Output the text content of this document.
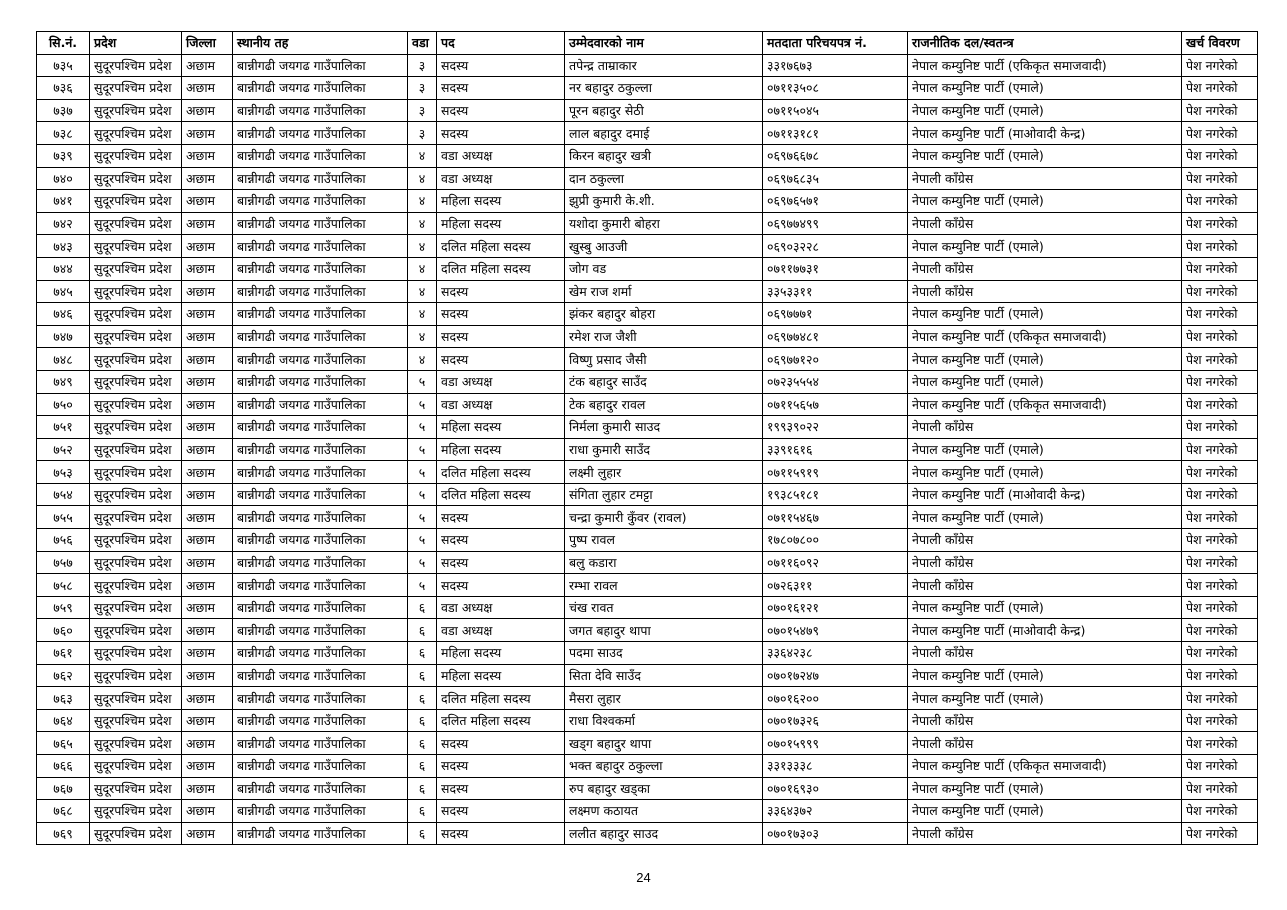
सि.नं.	प्रदेश	जिल्ला	स्थानीय तह	वडा	पद	उम्मेदवारको नाम	मतदाता परिचयपत्र नं.	राजनीतिक दल/स्वतन्त्र	खर्च विवरण
७३५	सुदूरपश्चिम प्रदेश	अछाम	बान्नीगढी जयगढ गाउँपालिका	३	सदस्य	तपेन्द्र ताम्राकार	३३१७६७३	नेपाल कम्युनिष्ट पार्टी (एकिकृत समाजवादी)	पेश नगरेको
७३६	सुदूरपश्चिम प्रदेश	अछाम	बान्नीगढी जयगढ गाउँपालिका	३	सदस्य	नर बहादुर ठकुल्ला	०७११३५०८	नेपाल कम्युनिष्ट पार्टी (एमाले)	पेश नगरेको
७३७	सुदूरपश्चिम प्रदेश	अछाम	बान्नीगढी जयगढ गाउँपालिका	३	सदस्य	पूरन बहादुर सेठी	०७११५०४५	नेपाल कम्युनिष्ट पार्टी (एमाले)	पेश नगरेको
७३८	सुदूरपश्चिम प्रदेश	अछाम	बान्नीगढी जयगढ गाउँपालिका	३	सदस्य	लाल बहादुर दमाई	०७११३१८१	नेपाल कम्युनिष्ट पार्टी (माओवादी केन्द्र)	पेश नगरेको
७३९	सुदूरपश्चिम प्रदेश	अछाम	बान्नीगढी जयगढ गाउँपालिका	४	वडा अध्यक्ष	किरन बहादुर खत्री	०६९७६६७८	नेपाल कम्युनिष्ट पार्टी (एमाले)	पेश नगरेको
७४०	सुदूरपश्चिम प्रदेश	अछाम	बान्नीगढी जयगढ गाउँपालिका	४	वडा अध्यक्ष	दान ठकुल्ला	०६९७६८३५	नेपाली काँग्रेस	पेश नगरेको
७४१	सुदूरपश्चिम प्रदेश	अछाम	बान्नीगढी जयगढ गाउँपालिका	४	महिला सदस्य	झुप्री कुमारी के.शी.	०६९७६५७१	नेपाल कम्युनिष्ट पार्टी (एमाले)	पेश नगरेको
७४२	सुदूरपश्चिम प्रदेश	अछाम	बान्नीगढी जयगढ गाउँपालिका	४	महिला सदस्य	यशोदा कुमारी बोहरा	०६९७७४९९	नेपाली काँग्रेस	पेश नगरेको
७४३	सुदूरपश्चिम प्रदेश	अछाम	बान्नीगढी जयगढ गाउँपालिका	४	दलित महिला सदस्य	खुस्बु आउजी	०६९०३२२८	नेपाल कम्युनिष्ट पार्टी (एमाले)	पेश नगरेको
७४४	सुदूरपश्चिम प्रदेश	अछाम	बान्नीगढी जयगढ गाउँपालिका	४	दलित महिला सदस्य	जोग वड	०७११७७३१	नेपाली काँग्रेस	पेश नगरेको
७४५	सुदूरपश्चिम प्रदेश	अछाम	बान्नीगढी जयगढ गाउँपालिका	४	सदस्य	खेम राज शर्मा	३३५३३११	नेपाली काँग्रेस	पेश नगरेको
७४६	सुदूरपश्चिम प्रदेश	अछाम	बान्नीगढी जयगढ गाउँपालिका	४	सदस्य	झंकर बहादुर बोहरा	०६९७७७१	नेपाल कम्युनिष्ट पार्टी (एमाले)	पेश नगरेको
७४७	सुदूरपश्चिम प्रदेश	अछाम	बान्नीगढी जयगढ गाउँपालिका	४	सदस्य	रमेश राज जैशी	०६९७७४८१	नेपाल कम्युनिष्ट पार्टी (एकिकृत समाजवादी)	पेश नगरेको
७४८	सुदूरपश्चिम प्रदेश	अछाम	बान्नीगढी जयगढ गाउँपालिका	४	सदस्य	विष्णु प्रसाद जैसी	०६९७७१२०	नेपाल कम्युनिष्ट पार्टी (एमाले)	पेश नगरेको
७४९	सुदूरपश्चिम प्रदेश	अछाम	बान्नीगढी जयगढ गाउँपालिका	५	वडा अध्यक्ष	टंक बहादुर साउँद	०७२३५५५४	नेपाल कम्युनिष्ट पार्टी (एमाले)	पेश नगरेको
७५०	सुदूरपश्चिम प्रदेश	अछाम	बान्नीगढी जयगढ गाउँपालिका	५	वडा अध्यक्ष	टेक बहादुर रावल	०७११५६५७	नेपाल कम्युनिष्ट पार्टी (एकिकृत समाजवादी)	पेश नगरेको
७५१	सुदूरपश्चिम प्रदेश	अछाम	बान्नीगढी जयगढ गाउँपालिका	५	महिला सदस्य	निर्मला कुमारी साउद	१९९३९०२२	नेपाली काँग्रेस	पेश नगरेको
७५२	सुदूरपश्चिम प्रदेश	अछाम	बान्नीगढी जयगढ गाउँपालिका	५	महिला सदस्य	राधा कुमारी साउँद	३३९१६१६	नेपाल कम्युनिष्ट पार्टी (एमाले)	पेश नगरेको
७५३	सुदूरपश्चिम प्रदेश	अछाम	बान्नीगढी जयगढ गाउँपालिका	५	दलित महिला सदस्य	लक्ष्मी लुहार	०७११५९१९	नेपाल कम्युनिष्ट पार्टी (एमाले)	पेश नगरेको
७५४	सुदूरपश्चिम प्रदेश	अछाम	बान्नीगढी जयगढ गाउँपालिका	५	दलित महिला सदस्य	संगिता लुहार टमट्टा	१९३८५१८१	नेपाल कम्युनिष्ट पार्टी (माओवादी केन्द्र)	पेश नगरेको
७५५	सुदूरपश्चिम प्रदेश	अछाम	बान्नीगढी जयगढ गाउँपालिका	५	सदस्य	चन्द्रा कुमारी कुँवर (रावल)	०७११५४६७	नेपाल कम्युनिष्ट पार्टी (एमाले)	पेश नगरेको
७५६	सुदूरपश्चिम प्रदेश	अछाम	बान्नीगढी जयगढ गाउँपालिका	५	सदस्य	पुष्प रावल	१७८०७८००	नेपाली काँग्रेस	पेश नगरेको
७५७	सुदूरपश्चिम प्रदेश	अछाम	बान्नीगढी जयगढ गाउँपालिका	५	सदस्य	बलु कडारा	०७११६०९२	नेपाली काँग्रेस	पेश नगरेको
७५८	सुदूरपश्चिम प्रदेश	अछाम	बान्नीगढी जयगढ गाउँपालिका	५	सदस्य	रम्भा रावल	०७२६३११	नेपाली काँग्रेस	पेश नगरेको
७५९	सुदूरपश्चिम प्रदेश	अछाम	बान्नीगढी जयगढ गाउँपालिका	६	वडा अध्यक्ष	चंख रावत	०७०१६१२१	नेपाल कम्युनिष्ट पार्टी (एमाले)	पेश नगरेको
७६०	सुदूरपश्चिम प्रदेश	अछाम	बान्नीगढी जयगढ गाउँपालिका	६	वडा अध्यक्ष	जगत बहादुर थापा	०७०१५४७९	नेपाल कम्युनिष्ट पार्टी (माओवादी केन्द्र)	पेश नगरेको
७६१	सुदूरपश्चिम प्रदेश	अछाम	बान्नीगढी जयगढ गाउँपालिका	६	महिला सदस्य	पदमा साउद	३३६४२३८	नेपाली काँग्रेस	पेश नगरेको
७६२	सुदूरपश्चिम प्रदेश	अछाम	बान्नीगढी जयगढ गाउँपालिका	६	महिला सदस्य	सिता देवि साउँद	०७०१७२४७	नेपाल कम्युनिष्ट पार्टी (एमाले)	पेश नगरेको
७६३	सुदूरपश्चिम प्रदेश	अछाम	बान्नीगढी जयगढ गाउँपालिका	६	दलित महिला सदस्य	मैसरा लुहार	०७०१६२००	नेपाल कम्युनिष्ट पार्टी (एमाले)	पेश नगरेको
७६४	सुदूरपश्चिम प्रदेश	अछाम	बान्नीगढी जयगढ गाउँपालिका	६	दलित महिला सदस्य	राधा विश्वकर्मा	०७०१७३२६	नेपाली काँग्रेस	पेश नगरेको
७६५	सुदूरपश्चिम प्रदेश	अछाम	बान्नीगढी जयगढ गाउँपालिका	६	सदस्य	खड्ग बहादुर थापा	०७०१५९९९	नेपाली काँग्रेस	पेश नगरेको
७६६	सुदूरपश्चिम प्रदेश	अछाम	बान्नीगढी जयगढ गाउँपालिका	६	सदस्य	भक्त बहादुर ठकुल्ला	३३१३३३८	नेपाल कम्युनिष्ट पार्टी (एकिकृत समाजवादी)	पेश नगरेको
७६७	सुदूरपश्चिम प्रदेश	अछाम	बान्नीगढी जयगढ गाउँपालिका	६	सदस्य	रुप बहादुर खड्का	०७०१६९३०	नेपाल कम्युनिष्ट पार्टी (एमाले)	पेश नगरेको
७६८	सुदूरपश्चिम प्रदेश	अछाम	बान्नीगढी जयगढ गाउँपालिका	६	सदस्य	लक्ष्मण कठायत	३३६४३७२	नेपाल कम्युनिष्ट पार्टी (एमाले)	पेश नगरेको
७६९	सुदूरपश्चिम प्रदेश	अछाम	बान्नीगढी जयगढ गाउँपालिका	६	सदस्य	ललीत बहादुर साउद	०७०१७३०३	नेपाली काँग्रेस	पेश नगरेको
24
